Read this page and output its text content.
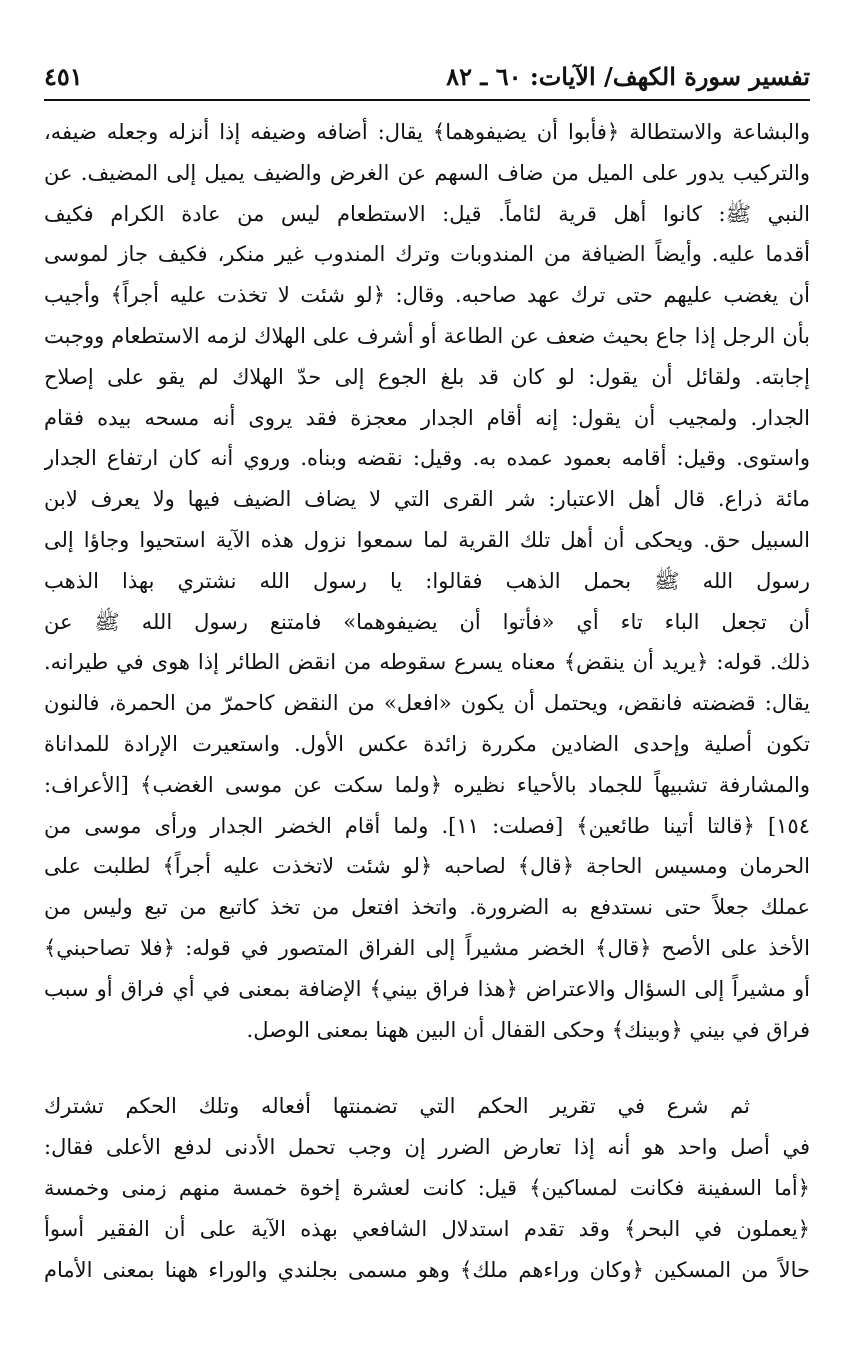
تفسير سورة الكهف/ الآيات: ٦٠ ـ ٨٢
٤٥١
والبشاعة والاستطالة ﴿فأبوا أن يضيفوهما﴾ يقال: أضافه وضيفه إذا أنزله وجعله ضيفه،
والتركيب يدور على الميل من ضاف السهم عن الغرض والضيف يميل إلى المضيف. عن
النبي ﷺ: كانوا أهل قرية لئاماً. قيل: الاستطعام ليس من عادة الكرام فكيف
أقدما عليه. وأيضاً الضيافة من المندوبات وترك المندوب غير منكر، فكيف جاز لموسى
أن يغضب عليهم حتى ترك عهد صاحبه. وقال: ﴿لو شئت لا تخذت عليه أجراً﴾ وأجيب
بأن الرجل إذا جاع بحيث ضعف عن الطاعة أو أشرف على الهلاك لزمه الاستطعام ووجبت
إجابته. ولقائل أن يقول: لو كان قد بلغ الجوع إلى حدّ الهلاك لم يقو على إصلاح
الجدار. ولمجيب أن يقول: إنه أقام الجدار معجزة فقد يروى أنه مسحه بيده فقام
واستوى. وقيل: أقامه بعمود عمده به. وقيل: نقضه وبناه. وروي أنه كان ارتفاع الجدار
مائة ذراع. قال أهل الاعتبار: شر القرى التي لا يضاف الضيف فيها ولا يعرف لابن
السبيل حق. ويحكى أن أهل تلك القرية لما سمعوا نزول هذه الآية استحيوا وجاؤا إلى
رسول الله ﷺ بحمل الذهب فقالوا: يا رسول الله نشتري بهذا الذهب
أن تجعل الباء تاء أي «فأتوا أن يضيفوهما» فامتنع رسول الله ﷺ عن
ذلك. قوله: ﴿يريد أن ينقض﴾ معناه يسرع سقوطه من انقض الطائر إذا هوى في طيرانه.
يقال: قضضته فانقض، ويحتمل أن يكون «افعل» من النقض كاحمرّ من الحمرة، فالنون
تكون أصلية وإحدى الضادين مكررة زائدة عكس الأول. واستعيرت الإرادة للمداناة
والمشارفة تشبيهاً للجماد بالأحياء نظيره ﴿ولما سكت عن موسى الغضب﴾ [الأعراف:
١٥٤] ﴿قالتا أتينا طائعين﴾ [فصلت: ١١]. ولما أقام الخضر الجدار ورأى موسى من
الحرمان ومسيس الحاجة ﴿قال﴾ لصاحبه ﴿لو شئت لاتخذت عليه أجراً﴾ لطلبت على
عملك جعلاً حتى نستدفع به الضرورة. واتخذ افتعل من تخذ كاتبع من تبع وليس من
الأخذ على الأصح ﴿قال﴾ الخضر مشيراً إلى الفراق المتصور في قوله: ﴿فلا تصاحبني﴾
أو مشيراً إلى السؤال والاعتراض ﴿هذا فراق بيني﴾ الإضافة بمعنى في أي فراق أو سبب
فراق في بيني ﴿وبينك﴾ وحكى القفال أن البين ههنا بمعنى الوصل.
ثم شرع في تقرير الحكم التي تضمنتها أفعاله وتلك الحكم تشترك
في أصل واحد هو أنه إذا تعارض الضرر إن وجب تحمل الأدنى لدفع الأعلى فقال:
﴿أما السفينة فكانت لمساكين﴾ قيل: كانت لعشرة إخوة خمسة منهم زمنى وخمسة
﴿يعملون في البحر﴾ وقد تقدم استدلال الشافعي بهذه الآية على أن الفقير أسوأ
حالاً من المسكين ﴿وكان وراءهم ملك﴾ وهو مسمى بجلندي والوراء ههنا بمعنى الأمام
